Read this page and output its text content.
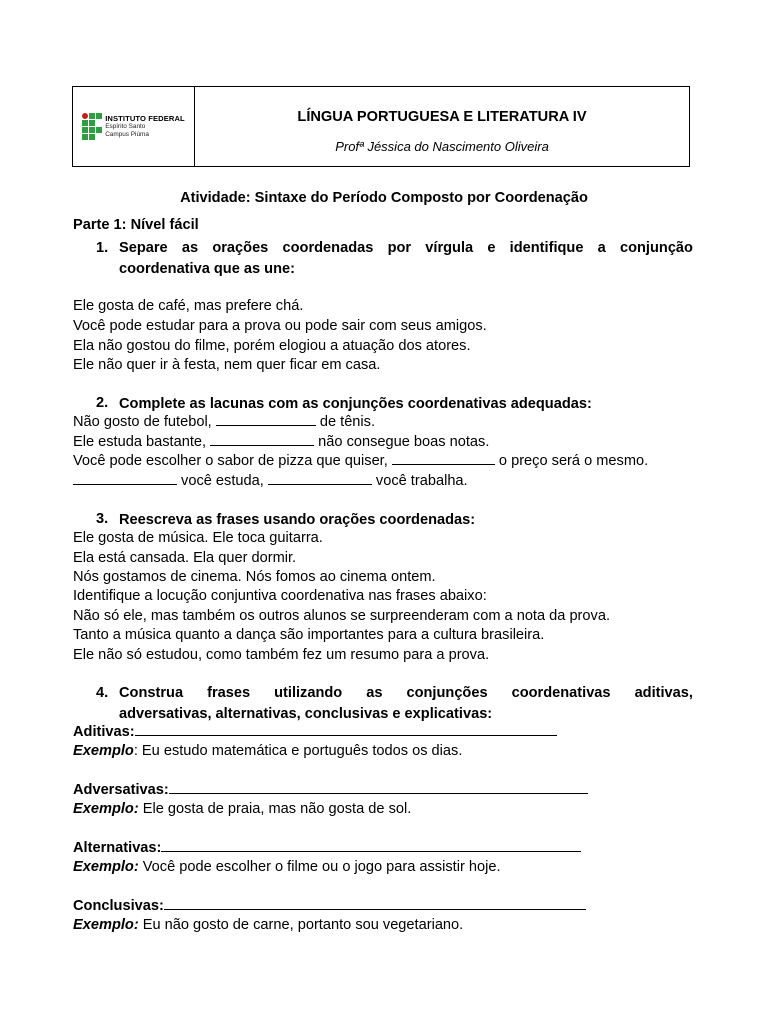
INSTITUTO FEDERAL
Espírito Santo
Campus Piúma
LÍNGUA PORTUGUESA E LITERATURA IV
Profª Jéssica do Nascimento Oliveira
Atividade: Sintaxe do Período Composto por Coordenação
Parte 1: Nível fácil
1. Separe as orações coordenadas por vírgula e identifique a conjunção
coordenativa que as une:
Ele gosta de café, mas prefere chá.
Você pode estudar para a prova ou pode sair com seus amigos.
Ela não gostou do filme, porém elogiou a atuação dos atores.
Ele não quer ir à festa, nem quer ficar em casa.
2. Complete as lacunas com as conjunções coordenativas adequadas:
Não gosto de futebol,	de tênis.
Ele estuda bastante,	não consegue boas notas.
Você pode escolher o sabor de pizza que quiser,	o preço será o mesmo.
você estuda,	você trabalha.
3. Reescreva as frases usando orações coordenadas:
Ele gosta de música. Ele toca guitarra.
Ela está cansada. Ela quer dormir.
Nós gostamos de cinema. Nós fomos ao cinema ontem.
Identifique a locução conjuntiva coordenativa nas frases abaixo:
Não só ele, mas também os outros alunos se surpreenderam com a nota da prova.
Tanto a música quanto a dança são importantes para a cultura brasileira.
Ele não só estudou, como também fez um resumo para a prova.
4. Construa frases utilizando as conjunções coordenativas aditivas,
adversativas, alternativas, conclusivas e explicativas:
Aditivas:
Exemplo: Eu estudo matemática e português todos os dias.
Adversativas:
Exemplo: Ele gosta de praia, mas não gosta de sol.
Alternativas:
Exemplo: Você pode escolher o filme ou o jogo para assistir hoje.
Conclusivas:
Exemplo: Eu não gosto de carne, portanto sou vegetariano.
